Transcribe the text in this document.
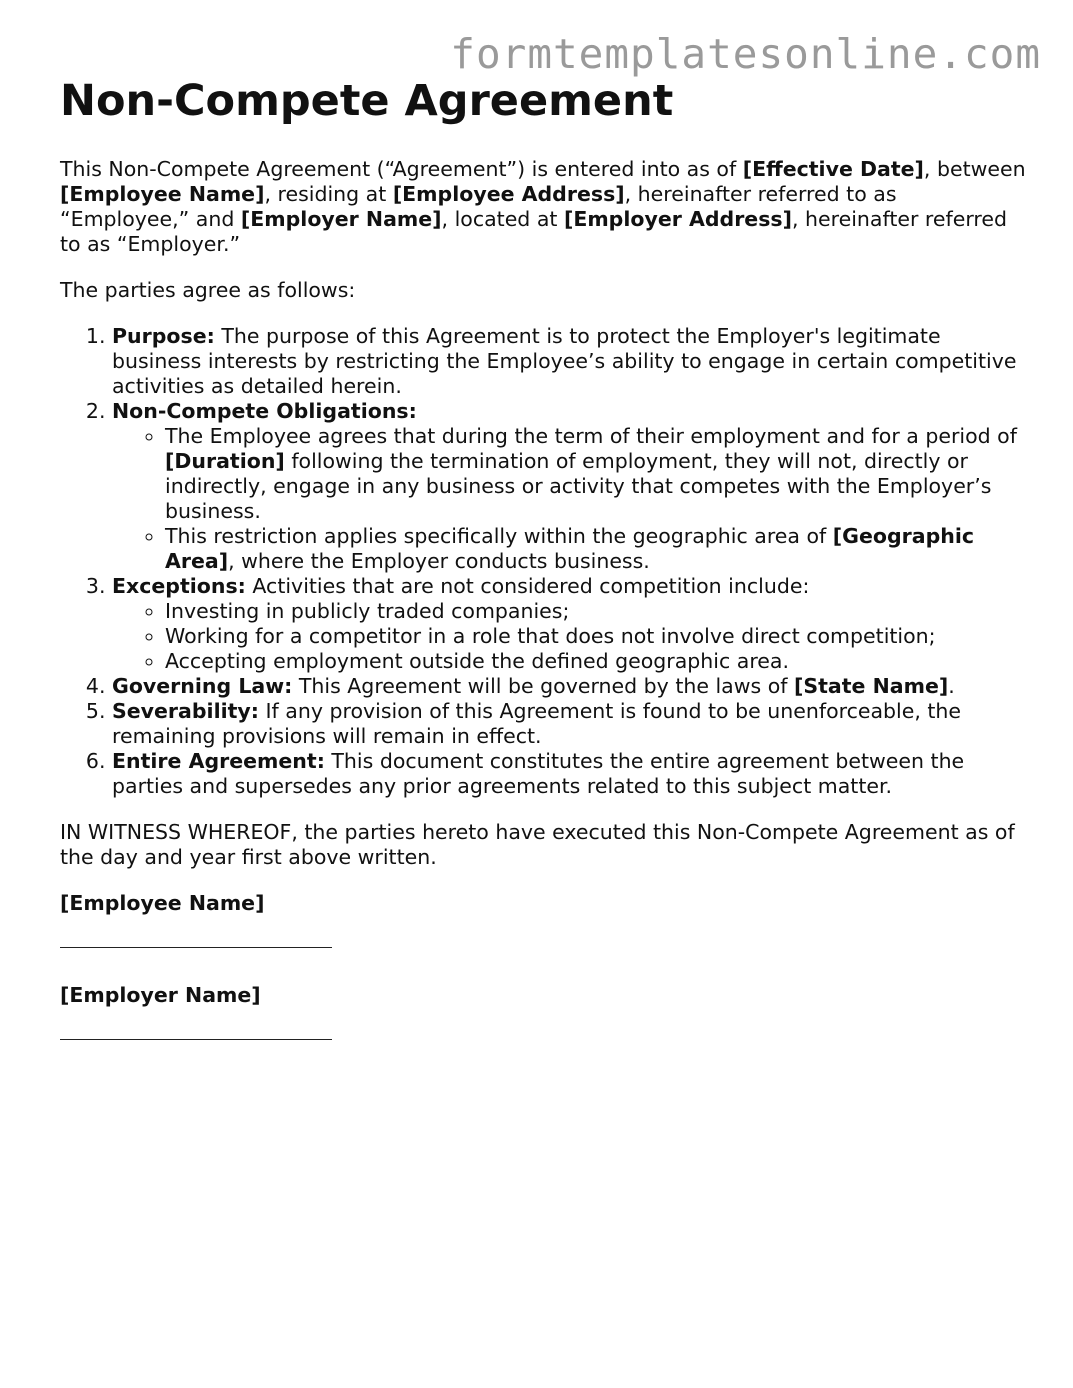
formtemplatesonline.com
Non-Compete Agreement

This Non-Compete Agreement (“Agreement”) is entered into as of [Effective Date], between [Employee Name], residing at [Employee Address], hereinafter referred to as “Employee,” and [Employer Name], located at [Employer Address], hereinafter referred to as “Employer.”

The parties agree as follows:

1. Purpose: The purpose of this Agreement is to protect the Employer's legitimate business interests by restricting the Employee’s ability to engage in certain competitive activities as detailed herein.
2. Non-Compete Obligations:
◦ The Employee agrees that during the term of their employment and for a period of [Duration] following the termination of employment, they will not, directly or indirectly, engage in any business or activity that competes with the Employer’s business.
◦ This restriction applies specifically within the geographic area of [Geographic Area], where the Employer conducts business.
3. Exceptions: Activities that are not considered competition include:
◦ Investing in publicly traded companies;
◦ Working for a competitor in a role that does not involve direct competition;
◦ Accepting employment outside the defined geographic area.
4. Governing Law: This Agreement will be governed by the laws of [State Name].
5. Severability: If any provision of this Agreement is found to be unenforceable, the remaining provisions will remain in effect.
6. Entire Agreement: This document constitutes the entire agreement between the parties and supersedes any prior agreements related to this subject matter.

IN WITNESS WHEREOF, the parties hereto have executed this Non-Compete Agreement as of the day and year first above written.

[Employee Name]
[Employer Name]
